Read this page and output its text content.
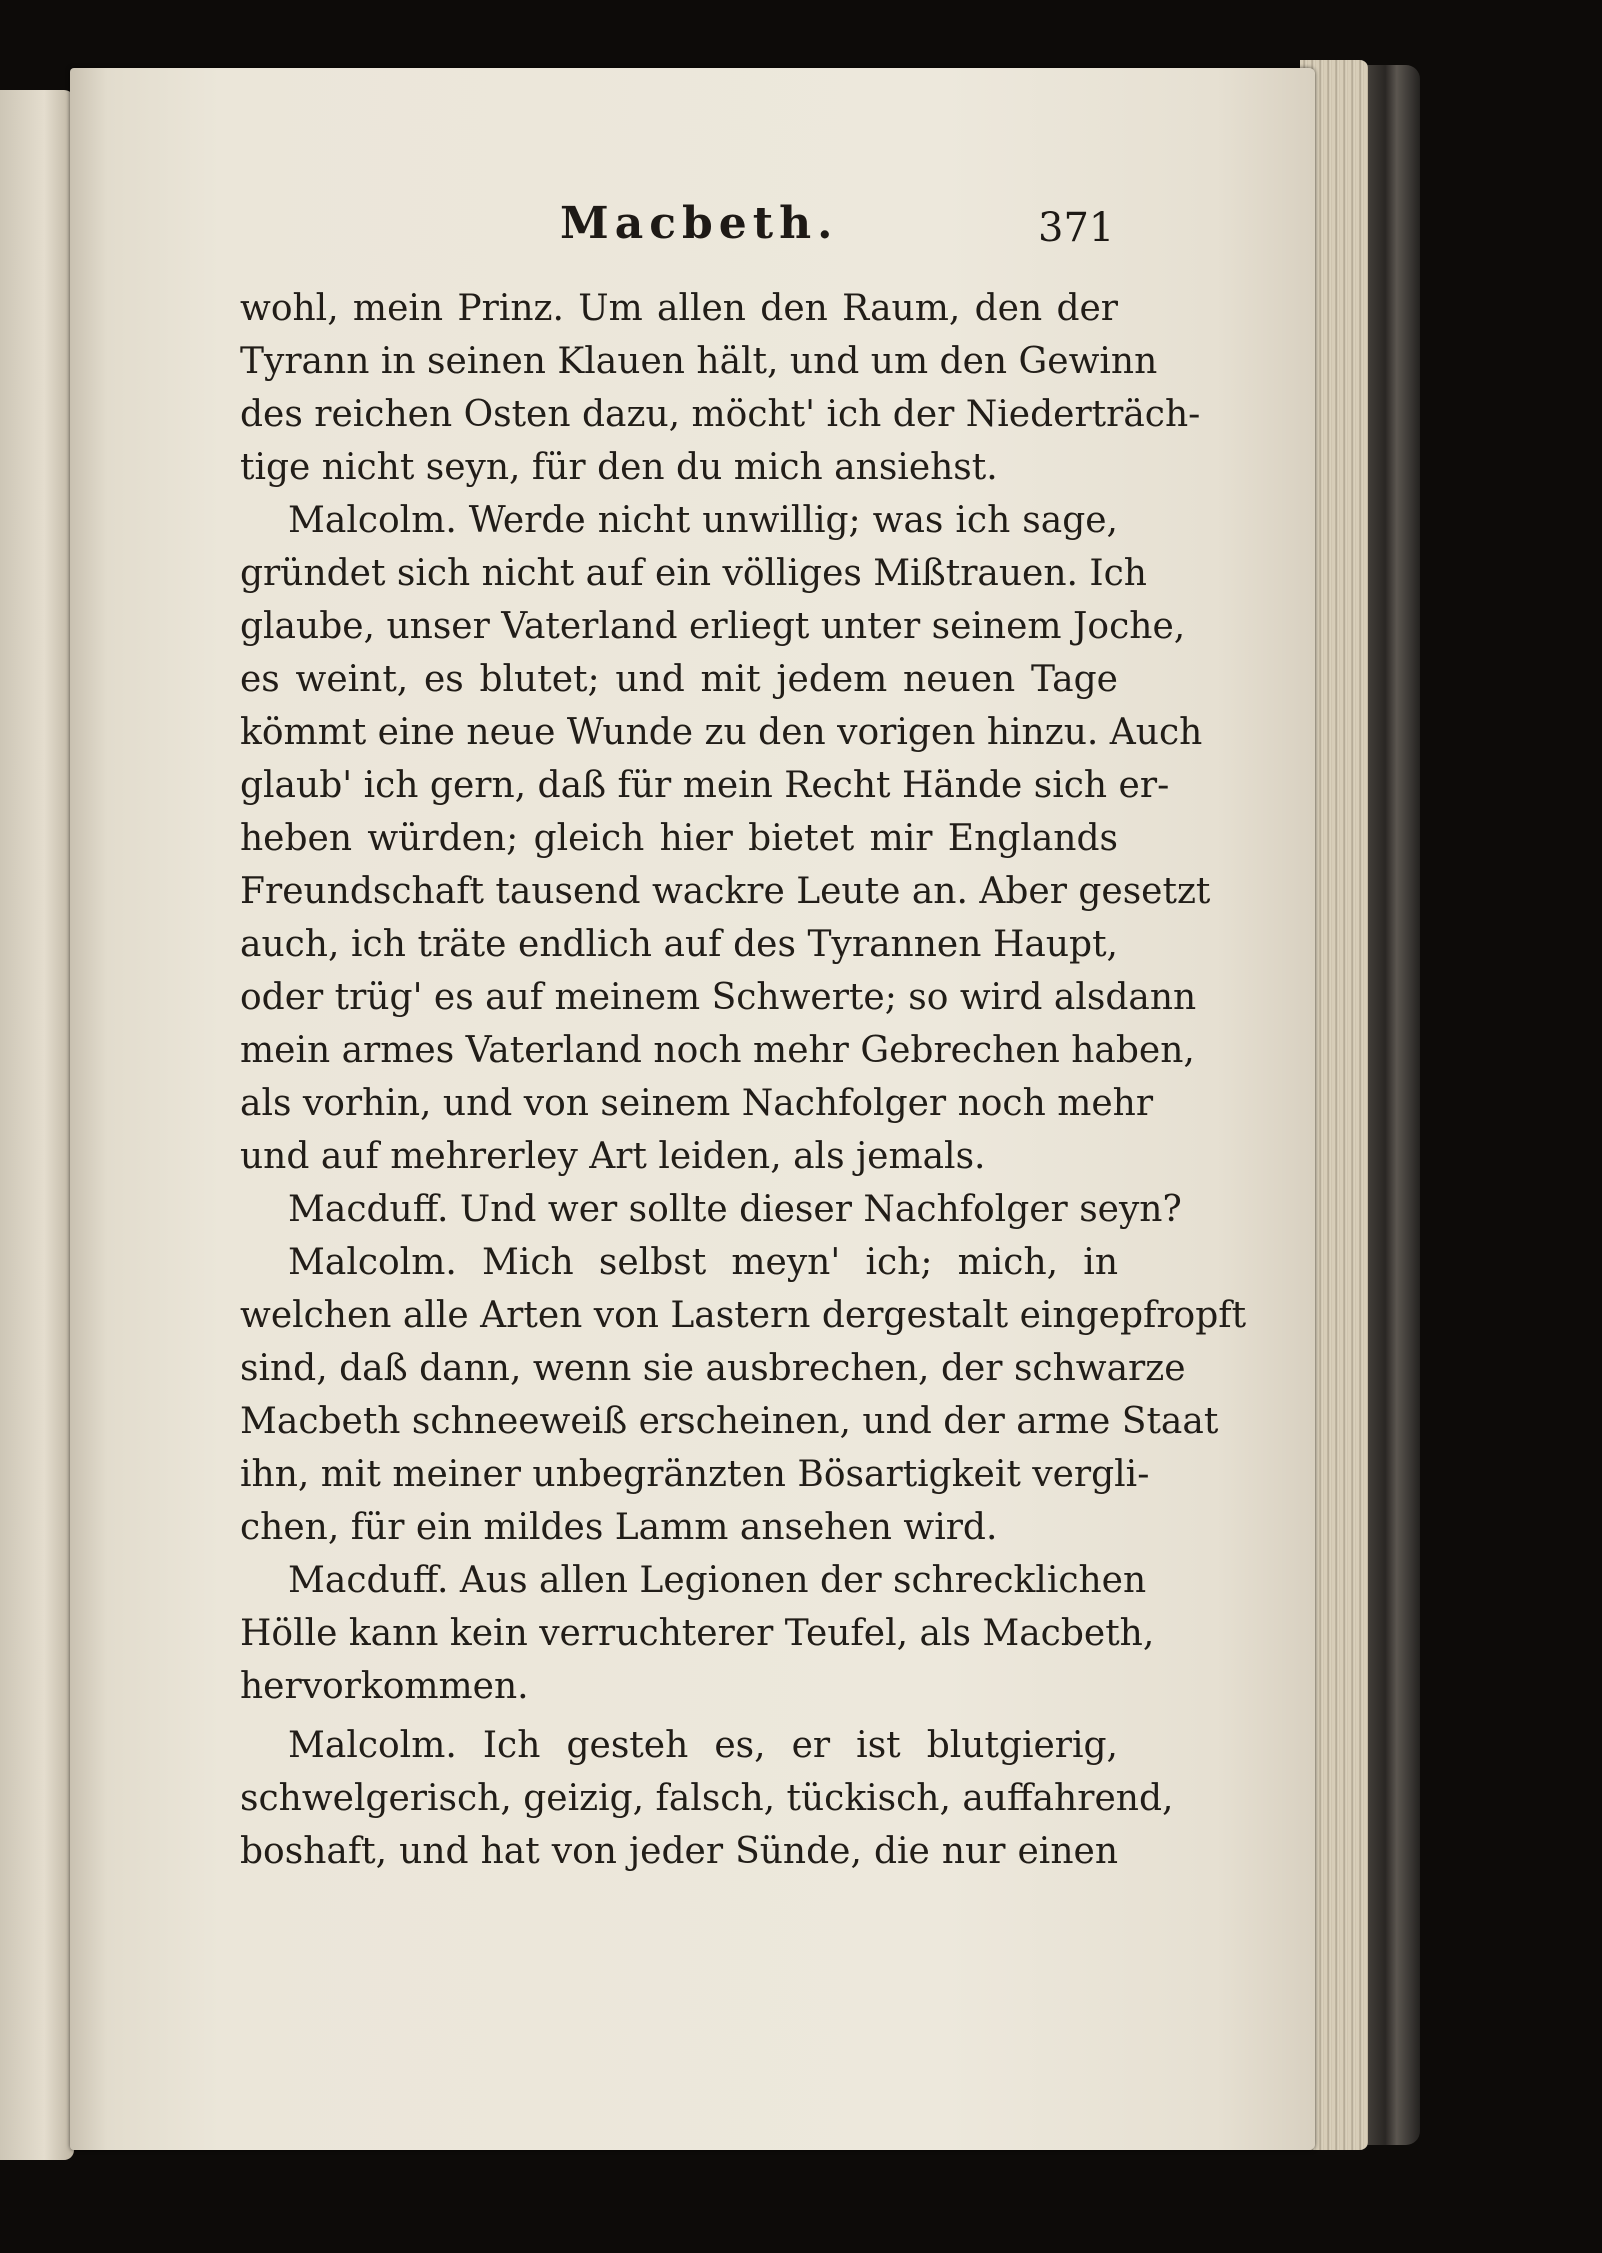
Macbeth.	371
wohl, mein Prinz. Um allen den Raum, den der
Tyrann in seinen Klauen hält, und um den Gewinn
des reichen Osten dazu, möcht' ich der Niederträch-
tige nicht seyn, für den du mich ansiehst.
Malcolm. Werde nicht unwillig; was ich sage,
gründet sich nicht auf ein völliges Mißtrauen. Ich
glaube, unser Vaterland erliegt unter seinem Joche,
es weint, es blutet; und mit jedem neuen Tage
kömmt eine neue Wunde zu den vorigen hinzu. Auch
glaub' ich gern, daß für mein Recht Hände sich er-
heben würden; gleich hier bietet mir Englands
Freundschaft tausend wackre Leute an. Aber gesetzt
auch, ich träte endlich auf des Tyrannen Haupt,
oder trüg' es auf meinem Schwerte; so wird alsdann
mein armes Vaterland noch mehr Gebrechen haben,
als vorhin, und von seinem Nachfolger noch mehr
und auf mehrerley Art leiden, als jemals.
Macduff. Und wer sollte dieser Nachfolger seyn?
Malcolm. Mich selbst meyn' ich; mich, in
welchen alle Arten von Lastern dergestalt eingepfropft
sind, daß dann, wenn sie ausbrechen, der schwarze
Macbeth schneeweiß erscheinen, und der arme Staat
ihn, mit meiner unbegränzten Bösartigkeit vergli-
chen, für ein mildes Lamm ansehen wird.
Macduff. Aus allen Legionen der schrecklichen
Hölle kann kein verruchterer Teufel, als Macbeth,
hervorkommen.
Malcolm. Ich gesteh es, er ist blutgierig,
schwelgerisch, geizig, falsch, tückisch, auffahrend,
boshaft, und hat von jeder Sünde, die nur einen
